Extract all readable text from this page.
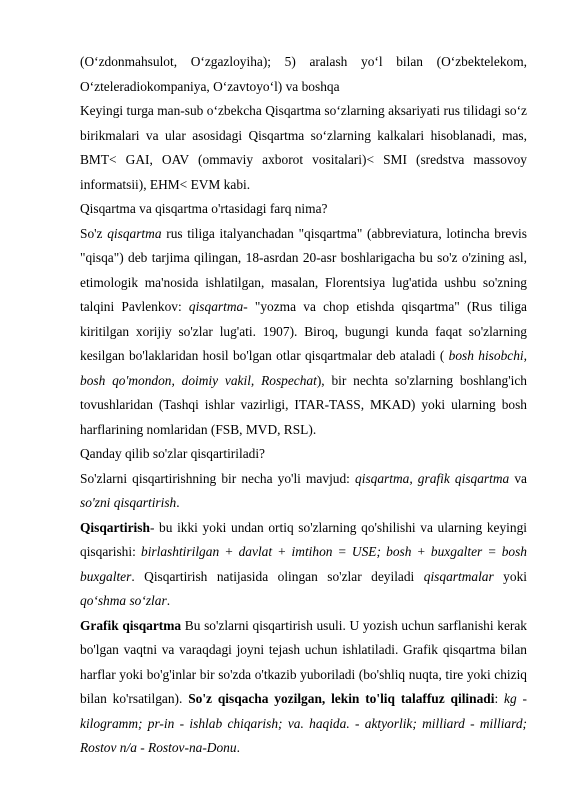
(O‘zdonmahsulot, O‘zgazloyiha); 5) aralash yo‘l bilan (O‘zbektelekom, O‘zteleradiokompaniya, O‘zavtoyo‘l) va boshqa

Keyingi turga man-sub o‘zbekcha Qisqartma so‘zlarning aksariyati rus tilidagi so‘z birikmalari va ular asosidagi Qisqartma so‘zlarning kalkalari hisoblanadi, mas, BMT< GAI, OAV (ommaviy axborot vositalari)< SMI (sredstva massovoy informatsii), EHM< EVM kabi.

Qisqartma va qisqartma o'rtasidagi farq nima?

So'z qisqartma rus tiliga italyanchadan "qisqartma" (abbreviatura, lotincha brevis "qisqa") deb tarjima qilingan, 18-asrdan 20-asr boshlarigacha bu so'z o'zining asl, etimologik ma'nosida ishlatilgan, masalan, Florentsiya lug'atida ushbu so'zning talqini Pavlenkov: qisqartma- "yozma va chop etishda qisqartma" (Rus tiliga kiritilgan xorijiy so'zlar lug'ati. 1907). Biroq, bugungi kunda faqat so'zlarning kesilgan bo'laklaridan hosil bo'lgan otlar qisqartmalar deb ataladi ( bosh hisobchi, bosh qo'mondon, doimiy vakil, Rospechat), bir nechta so'zlarning boshlang'ich tovushlaridan (Tashqi ishlar vazirligi, ITAR-TASS, MKAD) yoki ularning bosh harflarining nomlaridan (FSB, MVD, RSL).

Qanday qilib so'zlar qisqartiriladi?

So'zlarni qisqartirishning bir necha yo'li mavjud: qisqartma, grafik qisqartma va so'zni qisqartirish.

Qisqartirish- bu ikki yoki undan ortiq so'zlarning qo'shilishi va ularning keyingi qisqarishi: birlashtirilgan + davlat + imtihon = USE; bosh + buxgalter = bosh buxgalter. Qisqartirish natijasida olingan so'zlar deyiladi qisqartmalar yoki qo‘shma so‘zlar.

Grafik qisqartma Bu so'zlarni qisqartirish usuli. U yozish uchun sarflanishi kerak bo'lgan vaqtni va varaqdagi joyni tejash uchun ishlatiladi. Grafik qisqartma bilan harflar yoki bo'g'inlar bir so'zda o'tkazib yuboriladi (bo'shliq nuqta, tire yoki chiziq bilan ko'rsatilgan). So'z qisqacha yozilgan, lekin to'liq talaffuz qilinadi: kg - kilogramm; pr-in - ishlab chiqarish; va. haqida. - aktyorlik; milliard - milliard; Rostov n/a - Rostov-na-Donu.
